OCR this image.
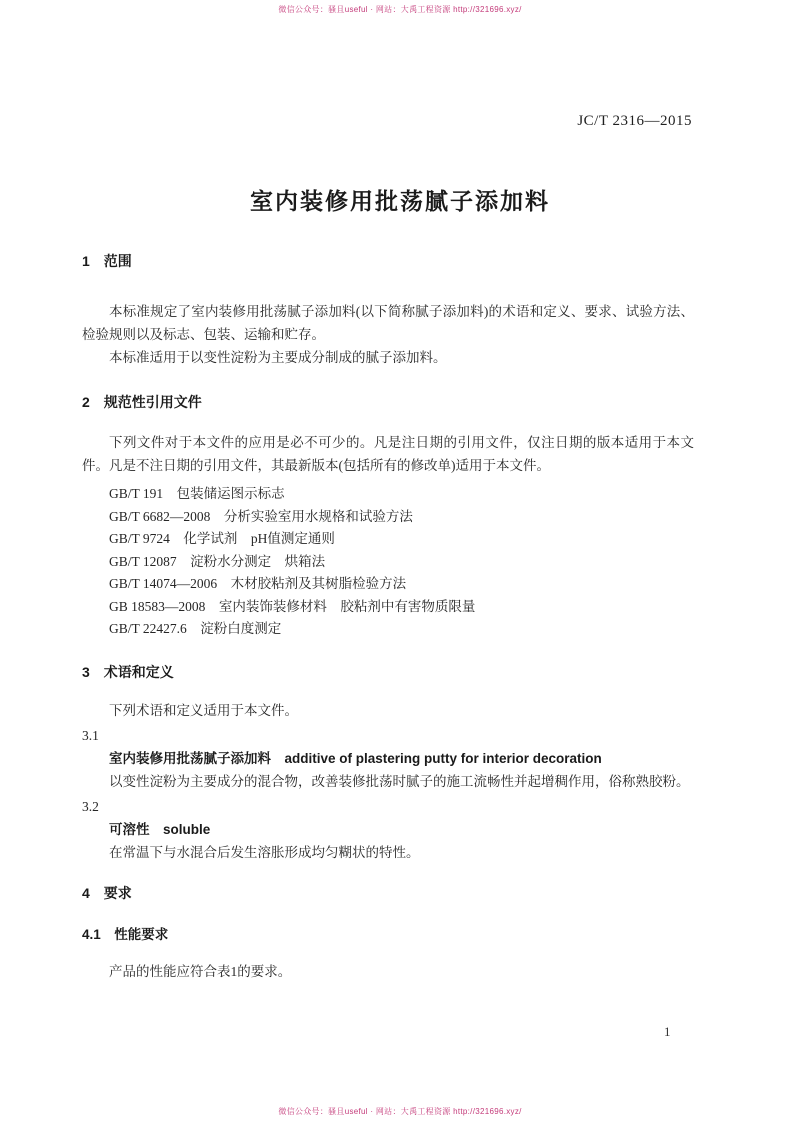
微信公众号：骚且useful · 网站：大禹工程资源 http://321696.xyz/
JC/T 2316—2015
室内装修用批荡腻子添加料
1　范围

本标准规定了室内装修用批荡腻子添加料(以下简称腻子添加料)的术语和定义、要求、试验方法、检验规则以及标志、包装、运输和贮存。

本标准适用于以变性淀粉为主要成分制成的腻子添加料。

2　规范性引用文件

下列文件对于本文件的应用是必不可少的。凡是注日期的引用文件，仅注日期的版本适用于本文件。凡是不注日期的引用文件，其最新版本(包括所有的修改单)适用于本文件。

GB/T 191　包装储运图示标志
GB/T 6682—2008　分析实验室用水规格和试验方法
GB/T 9724　化学试剂　pH值测定通则
GB/T 12087　淀粉水分测定　烘箱法
GB/T 14074—2006　木材胶粘剂及其树脂检验方法
GB 18583—2008　室内装饰装修材料　胶粘剂中有害物质限量
GB/T 22427.6　淀粉白度测定
3　术语和定义

下列术语和定义适用于本文件。

3.1

室内装修用批荡腻子添加料　additive of plastering putty for interior decoration

以变性淀粉为主要成分的混合物，改善装修批荡时腻子的施工流畅性并起增稠作用，俗称熟胶粉。

3.2

可溶性　soluble

在常温下与水混合后发生溶胀形成均匀糊状的特性。

4　要求
4.1　性能要求

产品的性能应符合表1的要求。

1
微信公众号：骚且useful · 网站：大禹工程资源 http://321696.xyz/
